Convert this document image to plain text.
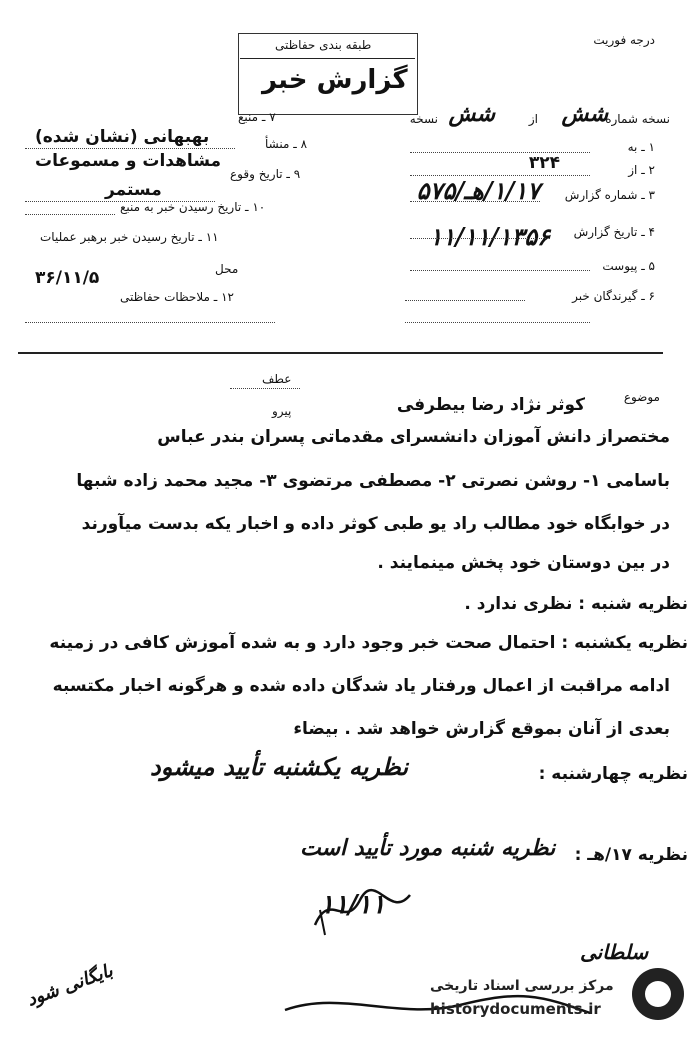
درجه فوریت
طبقه بندی حفاظتی
گزارش خبر
نسخه شماره
شش
از
شش
نسخه
۱ ـ به
۲ ـ از
۳۲۴
۳ ـ شماره گزارش
۱/۱۷/هـ/۵۷۵
۴ ـ تاریخ گزارش
۱۱/۱۱/۱۳۵۶
۵ ـ پیوست
۶ ـ گیرندگان خبر
۷ ـ منبع
بهبهانی (نشان شده)	۸ ـ منشأ
مشاهدات و مسموعات
۹ ـ تاریخ وقوع
مستمر
۱۰ ـ تاریخ رسیدن خبر به منبع
۱۱ ـ تاریخ رسیدن خبر برهبر عملیات
محل
۳۶/۱۱/۵
۱۲ ـ ملاحظات حفاظتی
موضوع
کوثر نژاد رضا بیطرفی
عطف
پیرو
مختصراز دانش آموزان دانشسرای مقدماتی پسران بندر عباس
باسامی ۱- روشن نصرتی ۲- مصطفی مرتضوی ۳- مجید محمد زاده شبها
در خوابگاه خود مطالب راد یو طبی کوثر داده و اخبار یکه بدست میآورند
در بین دوستان خود پخش مینمایند .
نظریه شنبه : نظری ندارد .
نظریه یکشنبه : احتمال صحت خبر وجود دارد و به شده آموزش کافی در زمینه
ادامه مراقبت از اعمال ورفتار یاد شدگان داده شده و هرگونه اخبار مکتسبه
بعدی از آنان بموقع گزارش خواهد شد . بیضاء
نظریه چهارشنبه :
نظریه یکشنبه تأیید میشود
نظریه ۱۷/هـ :
نظریه شنبه مورد تأیید است
۱۱/۱۱
بایگانی شود
سلطانی
مرکز بررسی اسناد تاریخی
historydocuments.ir
